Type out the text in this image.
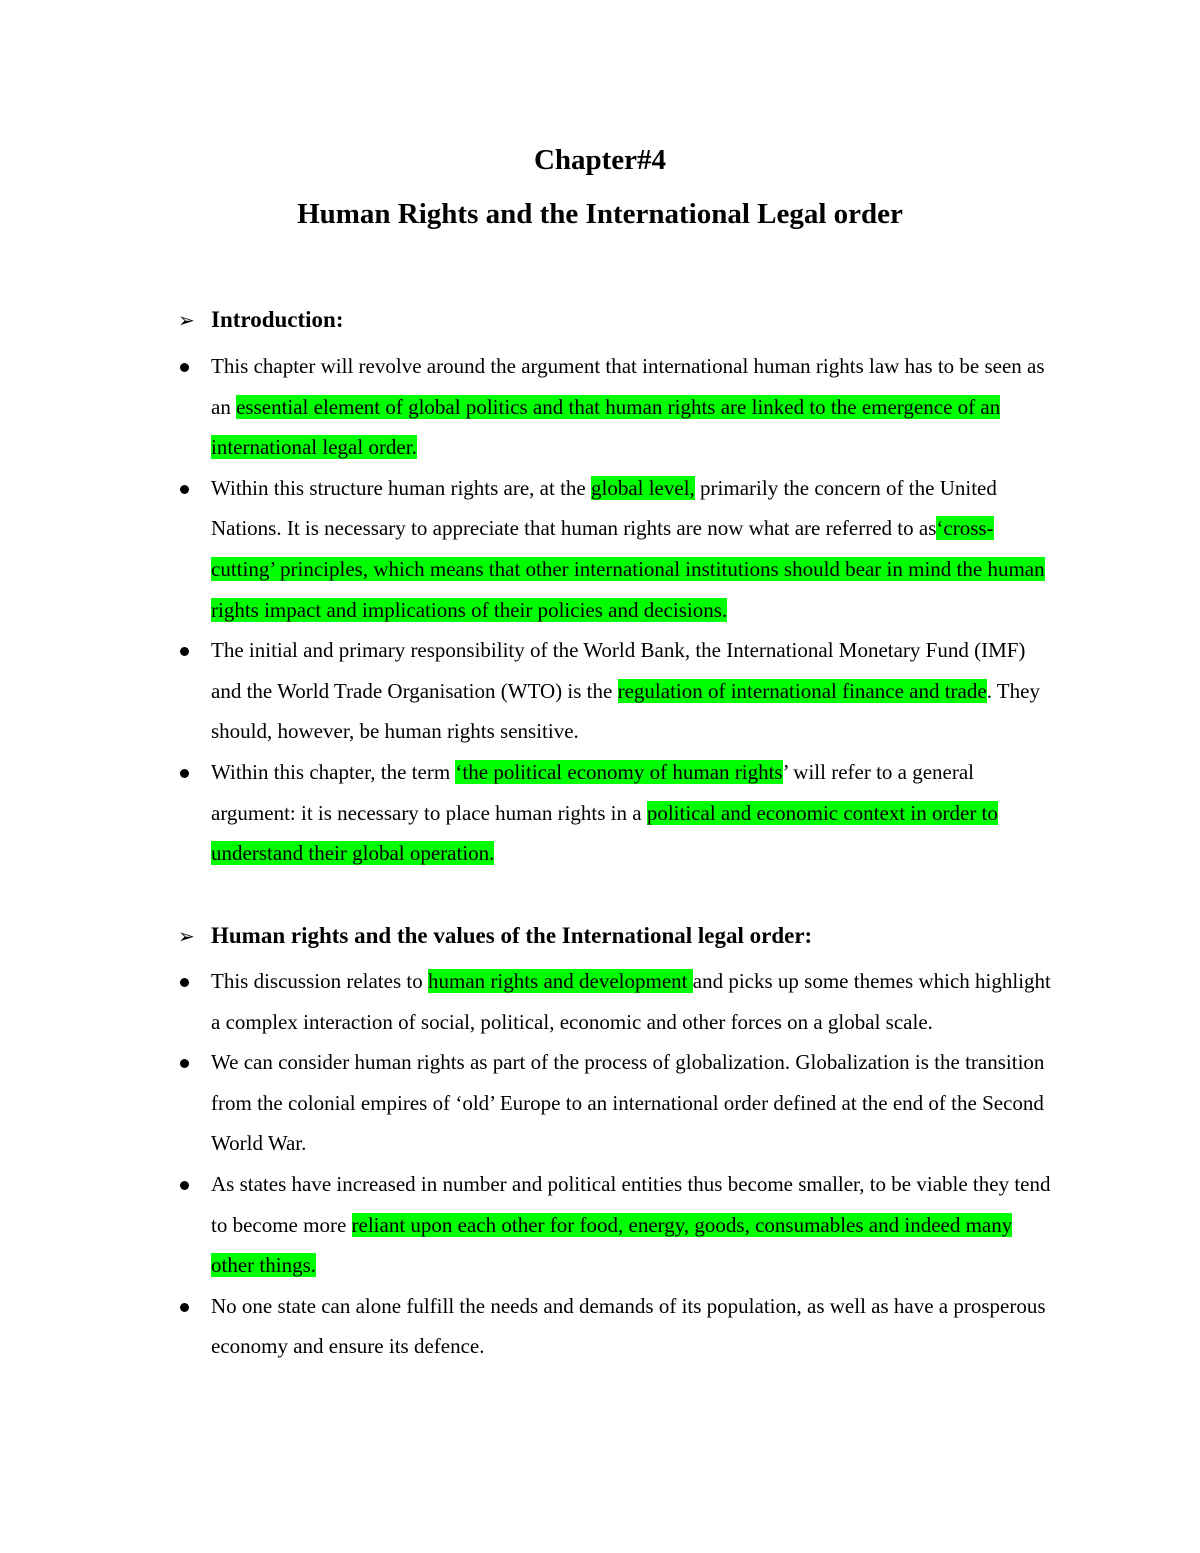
Chapter#4
Human Rights and the International Legal order
➢ Introduction:
This chapter will revolve around the argument that international human rights law has to be seen as an essential element of global politics and that human rights are linked to the emergence of an international legal order.
Within this structure human rights are, at the global level, primarily the concern of the United Nations. It is necessary to appreciate that human rights are now what are referred to as‘cross-cutting’ principles, which means that other international institutions should bear in mind the human rights impact and implications of their policies and decisions.
The initial and primary responsibility of the World Bank, the International Monetary Fund (IMF) and the World Trade Organisation (WTO) is the regulation of international finance and trade. They should, however, be human rights sensitive.
Within this chapter, the term ‘the political economy of human rights’ will refer to a general argument: it is necessary to place human rights in a political and economic context in order to understand their global operation.
➢ Human rights and the values of the International legal order:
This discussion relates to human rights and development and picks up some themes which highlight a complex interaction of social, political, economic and other forces on a global scale.
We can consider human rights as part of the process of globalization. Globalization is the transition from the colonial empires of ‘old’ Europe to an international order defined at the end of the Second World War.
As states have increased in number and political entities thus become smaller, to be viable they tend to become more reliant upon each other for food, energy, goods, consumables and indeed many other things.
No one state can alone fulfill the needs and demands of its population, as well as have a prosperous economy and ensure its defence.
